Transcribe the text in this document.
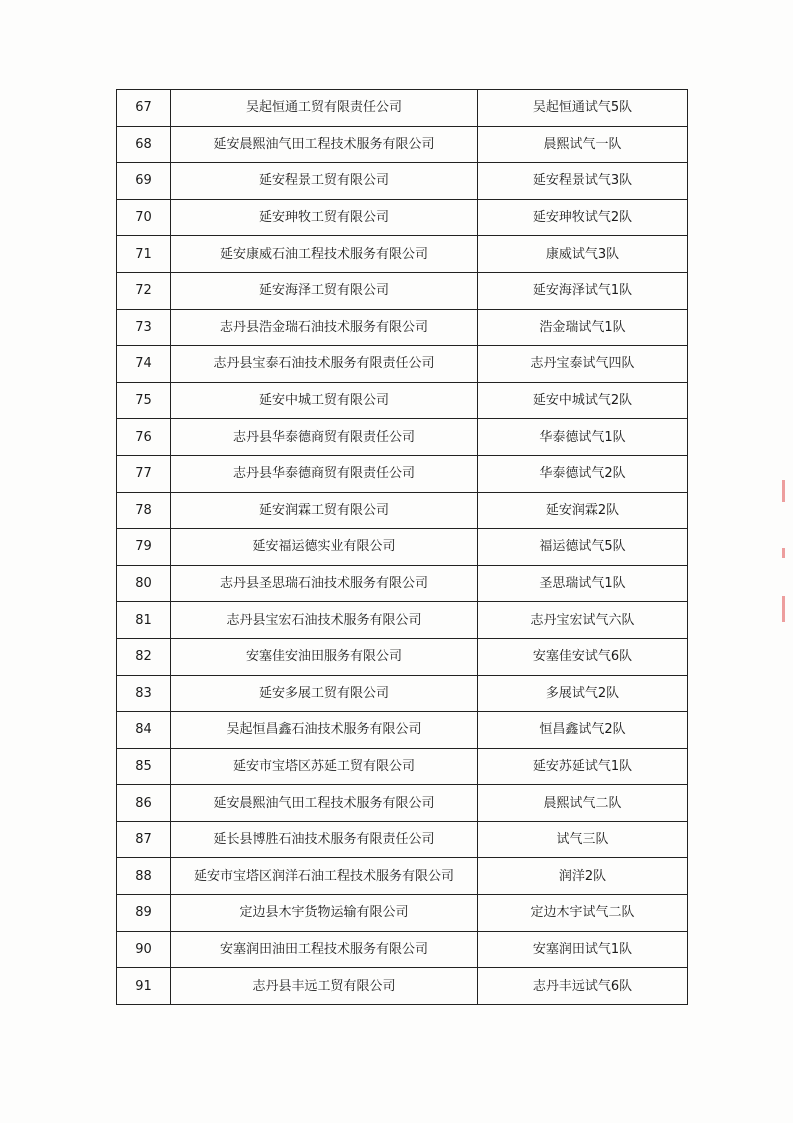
67	吴起恒通工贸有限责任公司	吴起恒通试气5队
68	延安晨熙油气田工程技术服务有限公司	晨熙试气一队
69	延安程景工贸有限公司	延安程景试气3队
70	延安珅牧工贸有限公司	延安珅牧试气2队
71	延安康威石油工程技术服务有限公司	康威试气3队
72	延安海泽工贸有限公司	延安海泽试气1队
73	志丹县浩金瑞石油技术服务有限公司	浩金瑞试气1队
74	志丹县宝泰石油技术服务有限责任公司	志丹宝泰试气四队
75	延安中城工贸有限公司	延安中城试气2队
76	志丹县华泰德商贸有限责任公司	华泰德试气1队
77	志丹县华泰德商贸有限责任公司	华泰德试气2队
78	延安润霖工贸有限公司	延安润霖2队
79	延安福运德实业有限公司	福运德试气5队
80	志丹县圣思瑞石油技术服务有限公司	圣思瑞试气1队
81	志丹县宝宏石油技术服务有限公司	志丹宝宏试气六队
82	安塞佳安油田服务有限公司	安塞佳安试气6队
83	延安多展工贸有限公司	多展试气2队
84	吴起恒昌鑫石油技术服务有限公司	恒昌鑫试气2队
85	延安市宝塔区苏延工贸有限公司	延安苏延试气1队
86	延安晨熙油气田工程技术服务有限公司	晨熙试气二队
87	延长县博胜石油技术服务有限责任公司	试气三队
88	延安市宝塔区润洋石油工程技术服务有限公司	润洋2队
89	定边县木宇货物运输有限公司	定边木宇试气二队
90	安塞润田油田工程技术服务有限公司	安塞润田试气1队
91	志丹县丰远工贸有限公司	志丹丰远试气6队
